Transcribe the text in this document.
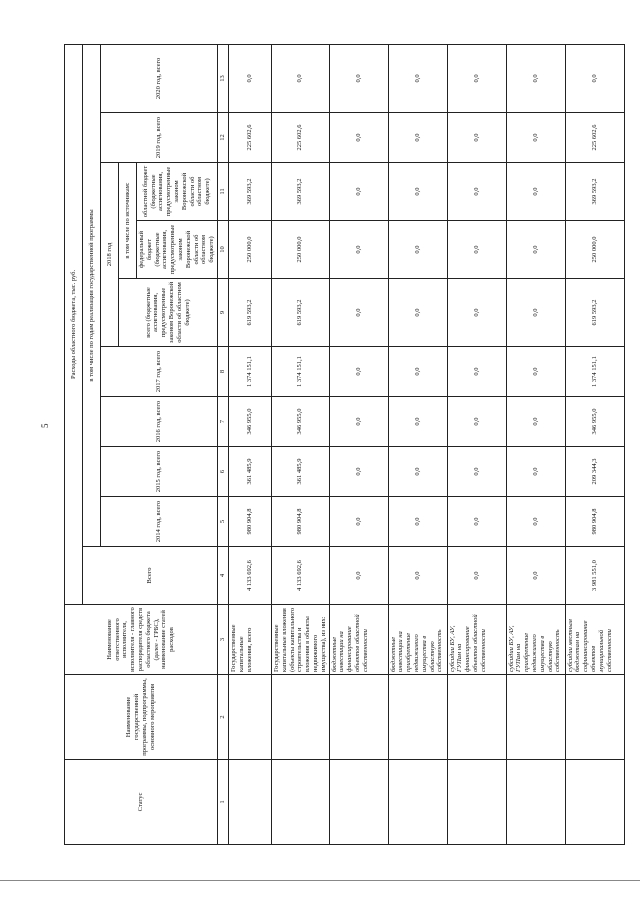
5
Статус	Наименование государственной программы, подпрограммы, основного мероприятия	Наименование ответственного исполнителя, исполнителя - главного распорядителя средств областного бюджета (далее - ГРБС), наименование статей расходов	Расходы областного бюджета, тыс. руб.									
			Всего	в том числе по годам реализации государственной программы								
				2014 год, всего	2015 год, всего	2016 год, всего	2017 год, всего	2018 год			2019 год, всего	2020 год, всего
								всего (бюджетные ассигнования, предусмотренные законом Воронежской области об областном бюджете)	в том числе по источникам:			
									федеральный бюджет (бюджетные ассигнования, предусмотренные законом Воронежской области об областном бюджете)	областной бюджет (бюджетные ассигнования, предусмотренные законом Воронежской области об областном бюджете)		
1	2	3	4	5	6	7	8	9	10	11	12	13
		Государственные капитальные вложения, всего	4 133 692,6	980 904,8	361 485,9	346 955,0	1 374 151,1	619 593,2	250 000,0	369 593,2	225 602,6	0,0
		Государственные капитальные вложения (объекты капитального строительства и вложения в объекты недвижимого имущества), из них:	4 133 692,6	980 904,8	361 485,9	346 955,0	1 374 151,1	619 593,2	250 000,0	369 593,2	225 602,6	0,0
		бюджетные инвестиции на финансирование объектов областной собственности	0,0	0,0	0,0	0,0	0,0	0,0	0,0	0,0	0,0	0,0
		бюджетные инвестиции на приобретение недвижимого имущества в областную собственность	0,0	0,0	0,0	0,0	0,0	0,0	0,0	0,0	0,0	0,0
		субсидии БУ, АУ, ГУПам на финансирование объектов областной собственности	0,0	0,0	0,0	0,0	0,0	0,0	0,0	0,0	0,0	0,0
		субсидии БУ, АУ, ГУПам на приобретение недвижимого имущества в областную собственность	0,0	0,0	0,0	0,0	0,0	0,0	0,0	0,0	0,0	0,0
		субсидии местным бюджетам на софинансирование объектов муниципальной собственности	3 981 551,0	980 904,8	209 344,3	346 955,0	1 374 151,1	619 593,2	250 000,0	369 593,2	225 602,6	0,0
